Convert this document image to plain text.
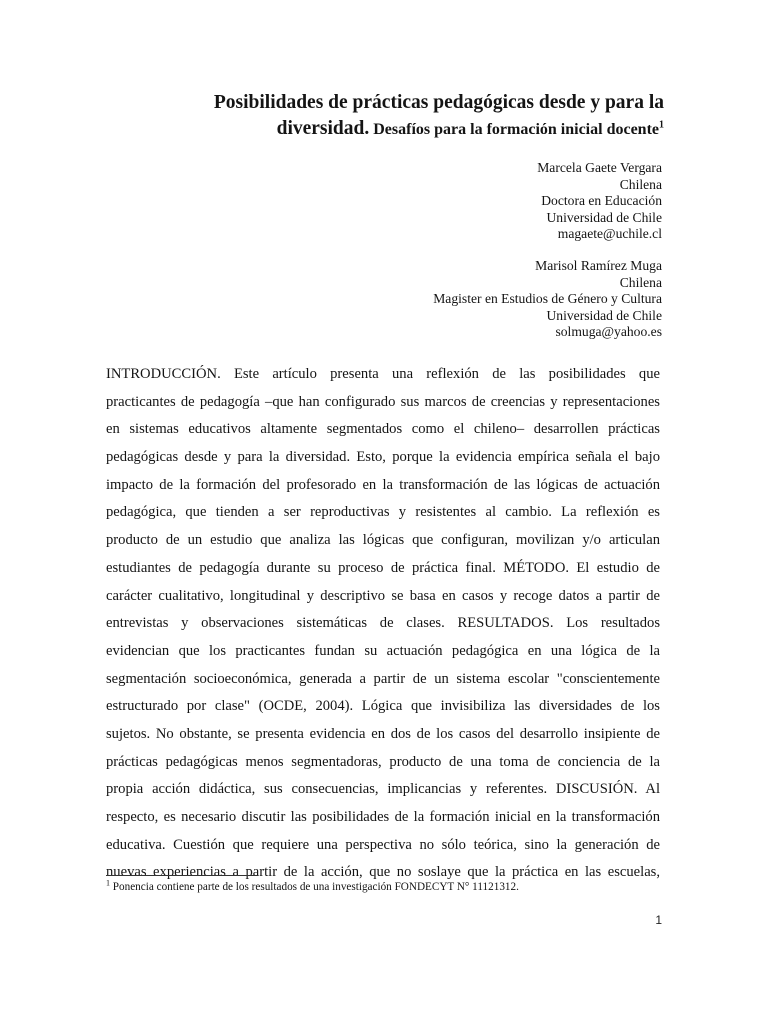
Posibilidades de prácticas pedagógicas desde y para la
diversidad. Desafíos para la formación inicial docente$^1$
Marcela Gaete Vergara
Chilena
Doctora en Educación
Universidad de Chile
magaete@uchile.cl
Marisol Ramírez Muga
Chilena
Magister en Estudios de Género y Cultura
Universidad de Chile
solmuga@yahoo.es
INTRODUCCIÓN. Este artículo presenta una reflexión de las posibilidades que
practicantes de pedagogía –que han configurado sus marcos de creencias y representaciones
en sistemas educativos altamente segmentados como el chileno– desarrollen prácticas
pedagógicas desde y para la diversidad. Esto, porque la evidencia empírica señala el bajo
impacto de la formación del profesorado en la transformación de las lógicas de actuación
pedagógica, que tienden a ser reproductivas y resistentes al cambio. La reflexión es
producto de un estudio que analiza las lógicas que configuran, movilizan y/o articulan
estudiantes de pedagogía durante su proceso de práctica final. MÉTODO. El estudio de
carácter cualitativo, longitudinal y descriptivo se basa en casos y recoge datos a partir de
entrevistas y observaciones sistemáticas de clases. RESULTADOS. Los resultados
evidencian que los practicantes fundan su actuación pedagógica en una lógica de la
segmentación socioeconómica, generada a partir de un sistema escolar "conscientemente
estructurado por clase" (OCDE, 2004). Lógica que invisibiliza las diversidades de los
sujetos. No obstante, se presenta evidencia en dos de los casos del desarrollo insipiente de
prácticas pedagógicas menos segmentadoras, producto de una toma de conciencia de la
propia acción didáctica, sus consecuencias, implicancias y referentes. DISCUSIÓN. Al
respecto, es necesario discutir las posibilidades de la formación inicial en la transformación
educativa. Cuestión que requiere una perspectiva no sólo teórica, sino la generación de
nuevas experiencias a partir de la acción, que no soslaye que la práctica en las escuelas,
$^1$ Ponencia contiene parte de los resultados de una investigación FONDECYT N° 11121312.
1
